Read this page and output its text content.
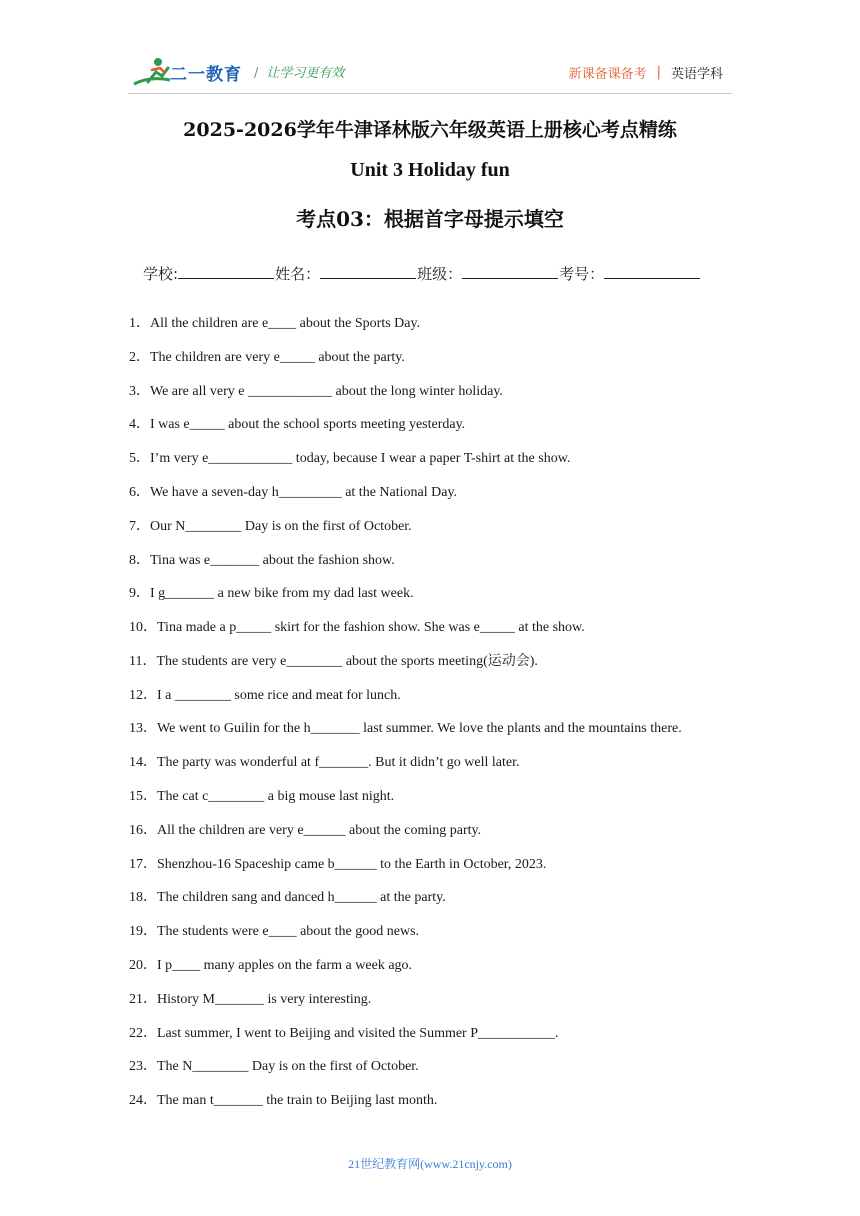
二一教育 / 让学习更有效	新课备课备考 | 英语学科
2025-2026学年牛津译林版六年级英语上册核心考点精练
Unit 3 Holiday fun
考点03：根据首字母提示填空
学校:	姓名：	班级：	考号：
1．All the children are e____ about the Sports Day.
2．The children are very e_____ about the party.
3．We are all very e ____________ about the long winter holiday.
4．I was e_____ about the school sports meeting yesterday.
5．I’m very e____________ today, because I wear a paper T-shirt at the show.
6．We have a seven-day h_________ at the National Day.
7．Our N________ Day is on the first of October.
8．Tina was e_______ about the fashion show.
9．I g_______ a new bike from my dad last week.
10．Tina made a p_____ skirt for the fashion show. She was e_____ at the show.
11．The students are very e________ about the sports meeting(运动会).
12．I a ________ some rice and meat for lunch.
13．We went to Guilin for the h_______ last summer. We love the plants and the mountains there.
14．The party was wonderful at f_______. But it didn’t go well later.
15．The cat c________ a big mouse last night.
16．All the children are very e______ about the coming party.
17．Shenzhou-16 Spaceship came b______ to the Earth in October, 2023.
18．The children sang and danced h______ at the party.
19．The students were e____ about the good news.
20．I p____ many apples on the farm a week ago.
21．History M_______ is very interesting.
22．Last summer, I went to Beijing and visited the Summer P___________.
23．The N________ Day is on the first of October.
24．The man t_______ the train to Beijing last month.
21世纪教育网(www.21cnjy.com)
